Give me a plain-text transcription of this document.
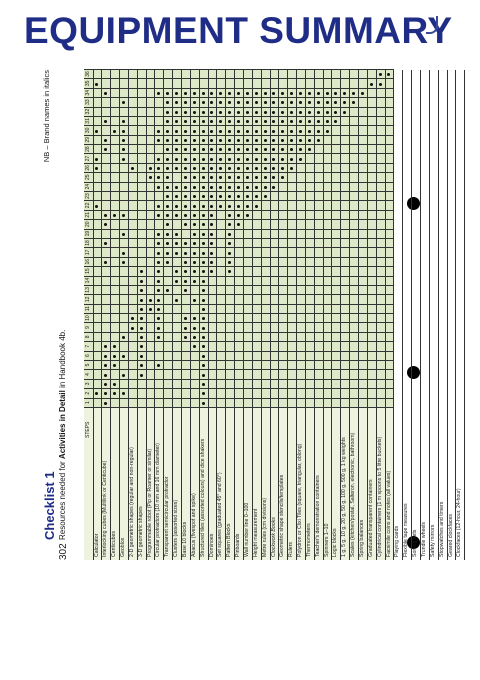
EQUIPMENT SUMMARY
302
Checklist 1 Resources needed for Activities in Detail in Handbook 4b.
NB – Brand names in italics
STEPS
1
2
3
4
5
6
7
8
9
10
11
12
13
14
15
16
17
18
19
20
21
22
23
24
25
26
27
28
29
30
31
32
33
34
35
36
Calculator Interlocking cubes (Multilink or Centicube) Centicubes Geoblox 2-D geometric shapes (regular and non-regular) 3-D geometric shapes Programmable robot (Pip or Roamer or similar) Circular protractors (10 mm and 16 mm diameter) Transparent semicircular protractor Clusters (assorted sizes) Base 10 blocks Abacus (fivespot and spike) Structured tiles (assorted colours) and dice shakers Dominoes Set squares (graduated 45° and 60°) Pattern Blocks Pinboards Wall number line 0–100 Height measurement Metre rules (cm divisions) Clockwork Books Geometric shape stencils/templates Rulers Polydron or Clixi Tiles (square, triangular, oblong) Thermometers Teacher's demonstration containers Spinners 1–10 Logic blocks 1 g, 5 g, 10 g, 20 g, 50 g, 100 g, 500 g, 1 kg weights Scales (kitchen/postal, Salteron, electronic, bathroom) Spring balances Graduated transparent containers Cylindrical containers (1 m spoons to 5 litre buckets) Facsimile coins and notes (all values) Playing cards Flexible tape measures Sorting sets Trundle wheels Safety mirrors Stopwatches and timers Geared clockfaces Clockfaces (12-hour, 24-hour)
